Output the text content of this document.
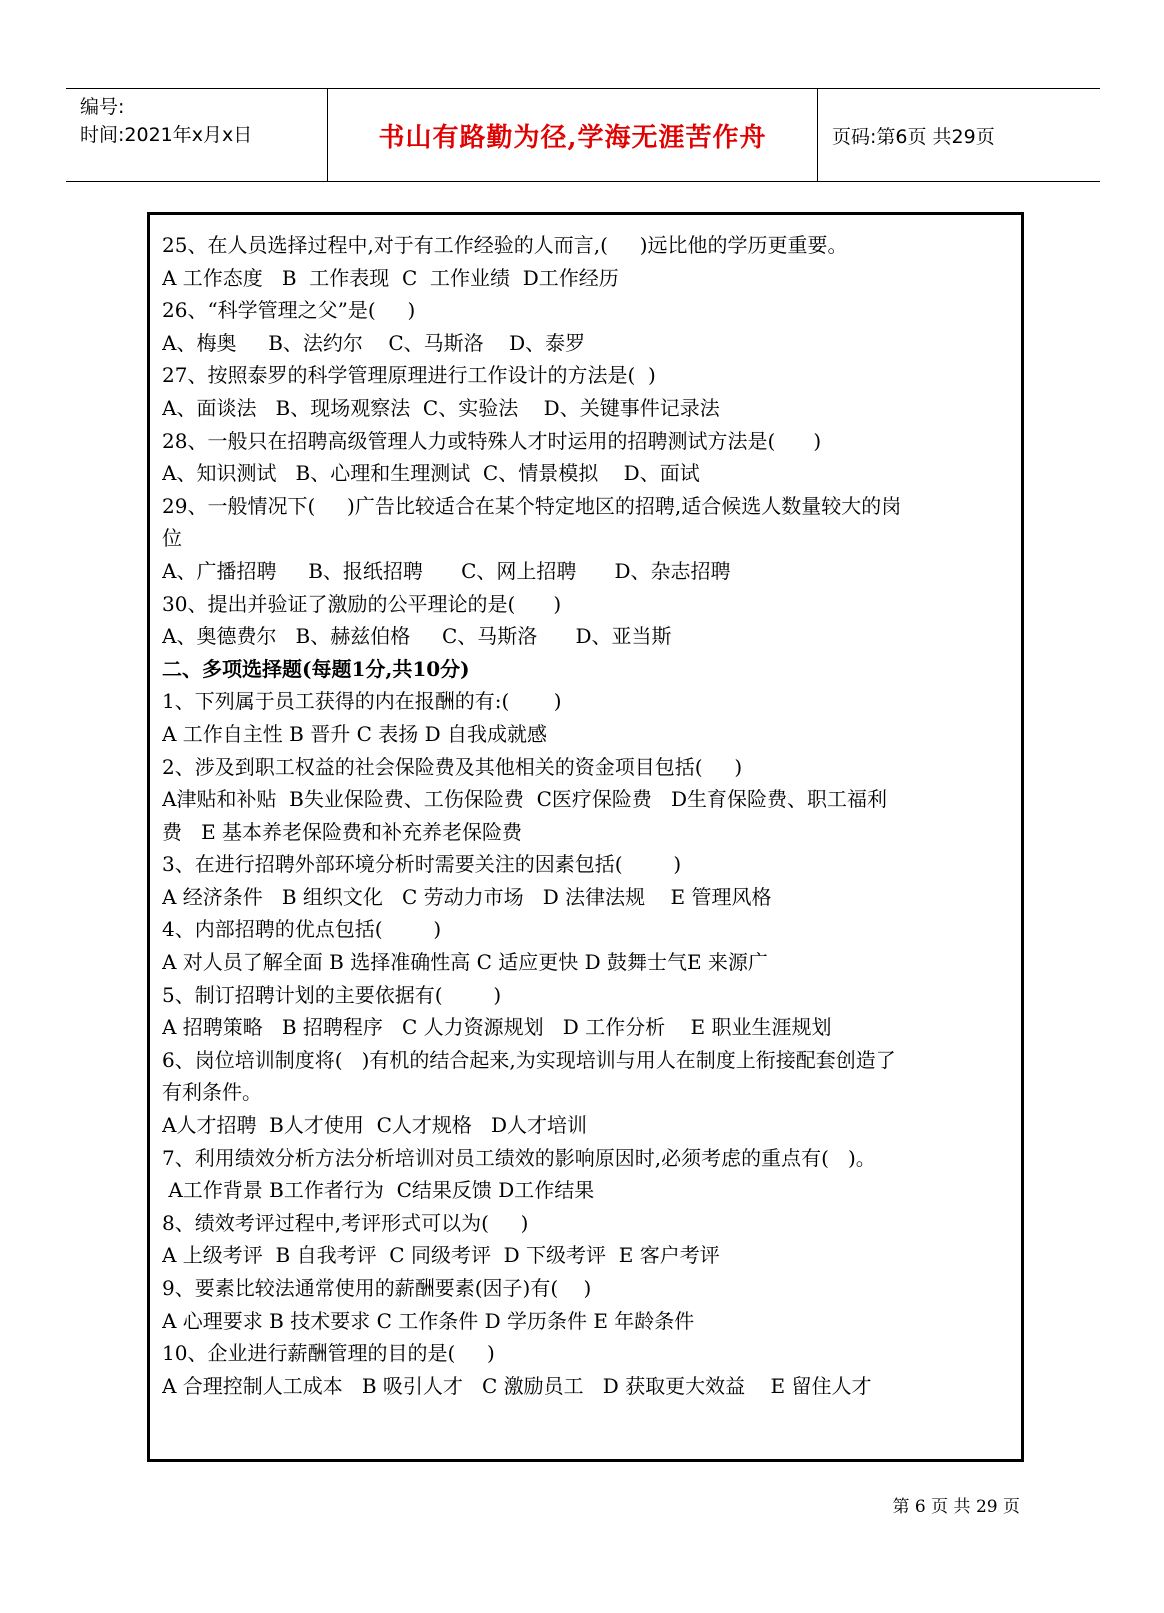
编号:
时间:2021年x月x日	书山有路勤为径,学海无涯苦作舟	页码:第6页 共29页
25、在人员选择过程中,对于有工作经验的人而言,(     )远比他的学历更重要。
A 工作态度   B  工作表现  C  工作业绩  D工作经历
26、“科学管理之父”是(     )
A、梅奥     B、法约尔    C、马斯洛    D、泰罗
27、按照泰罗的科学管理原理进行工作设计的方法是(  )
A、面谈法   B、现场观察法  C、实验法    D、关键事件记录法
28、一般只在招聘高级管理人力或特殊人才时运用的招聘测试方法是(      )
A、知识测试   B、心理和生理测试  C、情景模拟    D、面试
29、一般情况下(     )广告比较适合在某个特定地区的招聘,适合候选人数量较大的岗
位
A、广播招聘     B、报纸招聘      C、网上招聘      D、杂志招聘
30、提出并验证了激励的公平理论的是(      )
A、奥德费尔   B、赫兹伯格     C、马斯洛      D、亚当斯
二、多项选择题(每题1分,共10分)
1、下列属于员工获得的内在报酬的有:(       )
A 工作自主性 B 晋升 C 表扬 D 自我成就感
2、涉及到职工权益的社会保险费及其他相关的资金项目包括(     )
A津贴和补贴  B失业保险费、工伤保险费  C医疗保险费   D生育保险费、职工福利
费   E 基本养老保险费和补充养老保险费
3、在进行招聘外部环境分析时需要关注的因素包括(        )
A 经济条件   B 组织文化   C 劳动力市场   D 法律法规    E 管理风格
4、内部招聘的优点包括(        )
A 对人员了解全面 B 选择准确性高 C 适应更快 D 鼓舞士气E 来源广
5、制订招聘计划的主要依据有(        )
A 招聘策略   B 招聘程序   C 人力资源规划   D 工作分析    E 职业生涯规划
6、岗位培训制度将(   )有机的结合起来,为实现培训与用人在制度上衔接配套创造了
有利条件。
A人才招聘  B人才使用  C人才规格   D人才培训
7、利用绩效分析方法分析培训对员工绩效的影响原因时,必须考虑的重点有(   )。
A工作背景 B工作者行为  C结果反馈 D工作结果
8、绩效考评过程中,考评形式可以为(     )
A 上级考评  B 自我考评  C 同级考评  D 下级考评  E 客户考评
9、要素比较法通常使用的薪酬要素(因子)有(    )
A 心理要求 B 技术要求 C 工作条件 D 学历条件 E 年龄条件
10、企业进行薪酬管理的目的是(     )
A 合理控制人工成本   B 吸引人才   C 激励员工   D 获取更大效益    E 留住人才
第 6 页 共 29 页
